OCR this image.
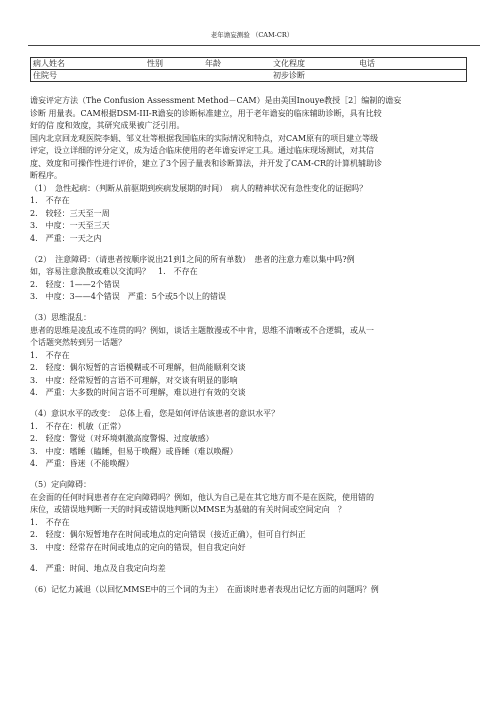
老年谵妄测验 （CAM-CR）
病人姓名	性别	年龄	文化程度	电话

住院号	初步诊断

谵妄评定方法（The Confusion Assessment Method－CAM）是由美国Inouye教授［2］编制的谵妄

诊断 用量表。CAM根据DSM-III-R谵妄的诊断标准建立，用于老年谵妄的临床辅助诊断，具有比较

好的信 度和效度，其研究成果被广泛引用。

国内北京回龙观医院李娟、邹义壮等根据我国临床的实际情况和特点，对CAM原有的项目建立等级

评定，设立详细的评分定义，成为适合临床使用的老年谵妄评定工具。通过临床现场测试，对其信

度、效度和可操作性进行评价，建立了3个因子量表和诊断算法，并开发了CAM-CR的计算机辅助诊

断程序。

（1）　急性起病：（判断从前驱期到疾病发展期的时间）　病人的精神状况有急性变化的证据吗？

1.　不存在

2.　较轻：三天至一周

3.　中度：一天至三天

4.　严重：一天之内

（2）　注意障碍：（请患者按顺序说出21到1之间的所有单数）　患者的注意力难以集中吗?例

如，容易注意涣散或难以交流吗？　1.　不存在

2.　轻度：1——2个错误

3.　中度：3——4个错误　严重：5个或5个以上的错误

（3）思维混乱：

患者的思维是凌乱或不连贯的吗？例如，谈话主题散漫或不中肯，思维不清晰或不合逻辑，或从一

个话题突然转到另一话题？

1.　不存在

2.　轻度：偶尔短暂的言语模糊或不可理解，但尚能顺利交谈

3.　中度：经常短暂的言语不可理解，对交谈有明显的影响

4.　严重：大多数的时间言语不可理解，难以进行有效的交谈

（4）意识水平的改变：　总体上看，您是如何评估该患者的意识水平？

1.　不存在：机敏（正常）

2.　轻度：警觉（对环境刺激高度警惕、过度敏感）

3.　中度：嗜睡（瞌睡，但易于唤醒）或昏睡（难以唤醒）

4.　严重：昏迷（不能唤醒）

（5）定向障碍：

在会面的任何时间患者存在定向障碍吗？例如，他认为自己是在其它地方而不是在医院，使用错的

床位，或错误地判断一天的时间或错误地判断以MMSE为基础的有关时间或空间定向　？

1.　不存在

2.　轻度：偶尔短暂地存在时间或地点的定向错误（接近正确），但可自行纠正

3.　中度：经常存在时间或地点的定向的错误，但自我定向好

4.　严重：时间、地点及自我定向均差

（6）记忆力减退（以回忆MMSE中的三个词的为主）　在面谈时患者表现出记忆方面的问题吗？例
